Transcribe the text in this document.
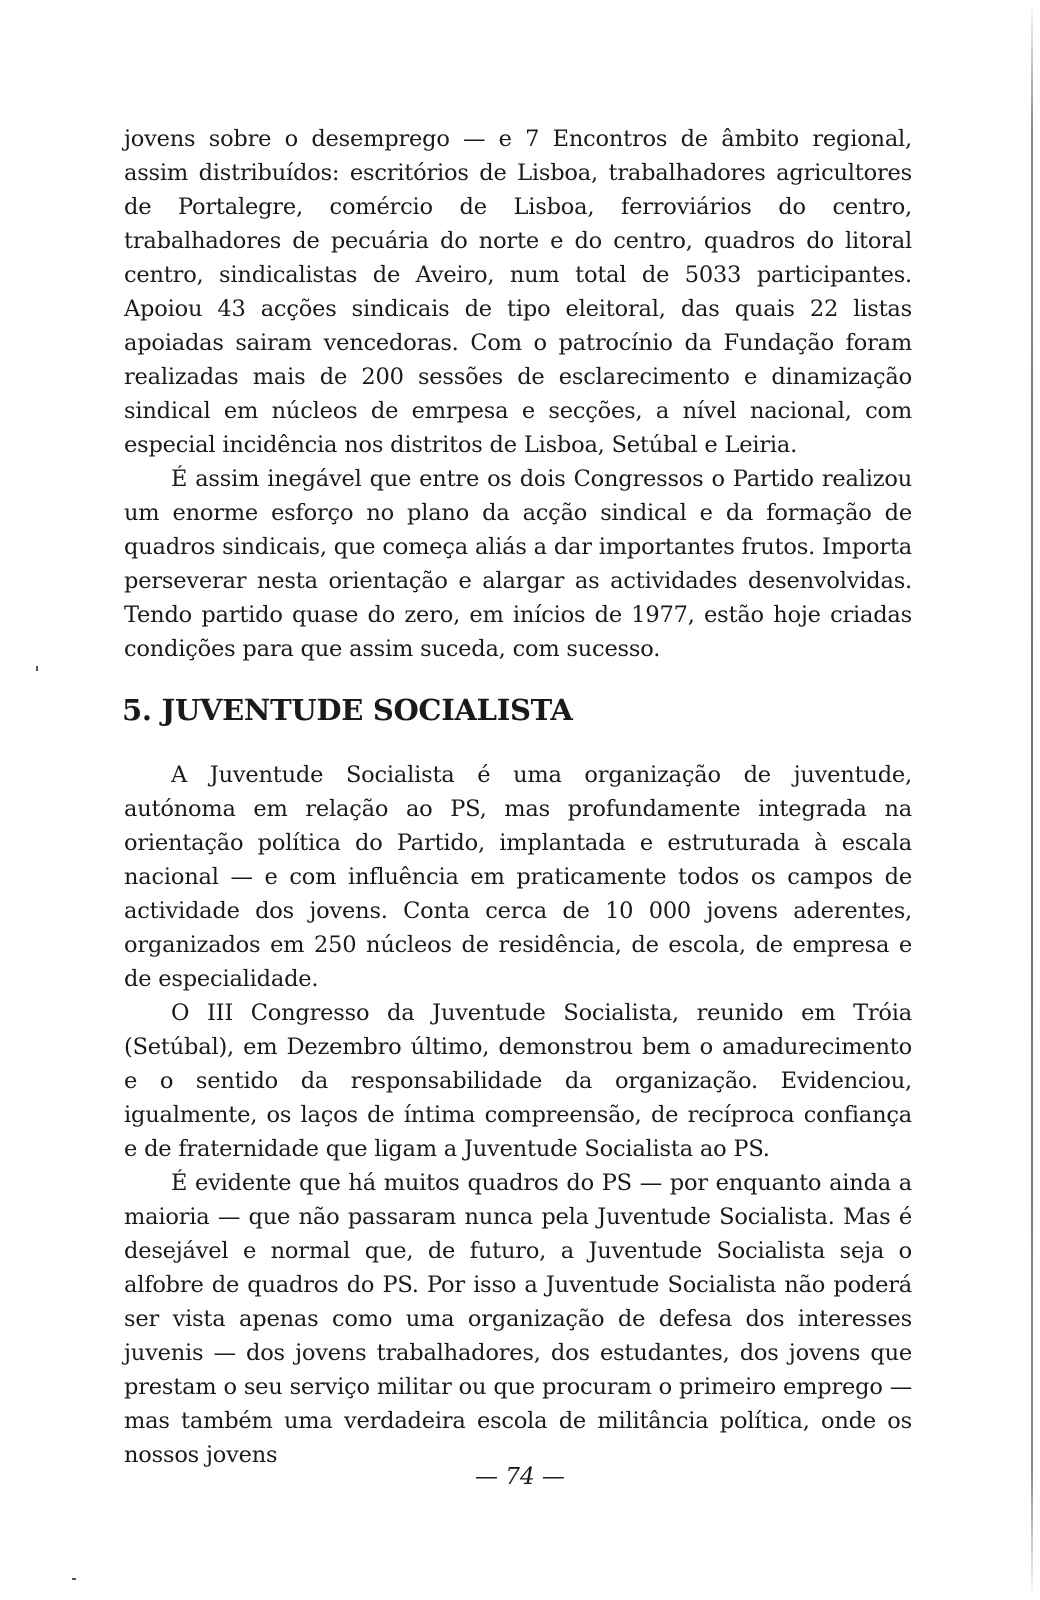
jovens sobre o desemprego — e 7 Encontros de âmbito regional, assim distribuídos: escritórios de Lisboa, trabalhadores agricultores de Portalegre, comércio de Lisboa, ferroviários do centro, trabalhadores de pecuária do norte e do centro, quadros do litoral centro, sindicalistas de Aveiro, num total de 5033 participantes. Apoiou 43 acções sindicais de tipo eleitoral, das quais 22 listas apoiadas sairam vencedoras. Com o patrocínio da Fundação foram realizadas mais de 200 sessões de esclarecimento e dinamização sindical em núcleos de emrpesa e secções, a nível nacional, com especial incidência nos distritos de Lisboa, Setúbal e Leiria.

É assim inegável que entre os dois Congressos o Partido realizou um enorme esforço no plano da acção sindical e da formação de quadros sindicais, que começa aliás a dar importantes frutos. Importa perseverar nesta orientação e alargar as actividades desenvolvidas. Tendo partido quase do zero, em inícios de 1977, estão hoje criadas condições para que assim suceda, com sucesso.

5. JUVENTUDE SOCIALISTA

A Juventude Socialista é uma organização de juventude, autónoma em relação ao PS, mas profundamente integrada na orientação política do Partido, implantada e estruturada à escala nacional — e com influência em praticamente todos os campos de actividade dos jovens. Conta cerca de 10 000 jovens aderentes, organizados em 250 núcleos de residência, de escola, de empresa e de especialidade.

O III Congresso da Juventude Socialista, reunido em Tróia (Setúbal), em Dezembro último, demonstrou bem o amadurecimento e o sentido da responsabilidade da organização. Evidenciou, igualmente, os laços de íntima compreensão, de recíproca confiança e de fraternidade que ligam a Juventude Socialista ao PS.

É evidente que há muitos quadros do PS — por enquanto ainda a maioria — que não passaram nunca pela Juventude Socialista. Mas é desejável e normal que, de futuro, a Juventude Socialista seja o alfobre de quadros do PS. Por isso a Juventude Socialista não poderá ser vista apenas como uma organização de defesa dos interesses juvenis — dos jovens trabalhadores, dos estudantes, dos jovens que prestam o seu serviço militar ou que procuram o primeiro emprego — mas também uma verdadeira escola de militância política, onde os nossos jovens

— 74 —
